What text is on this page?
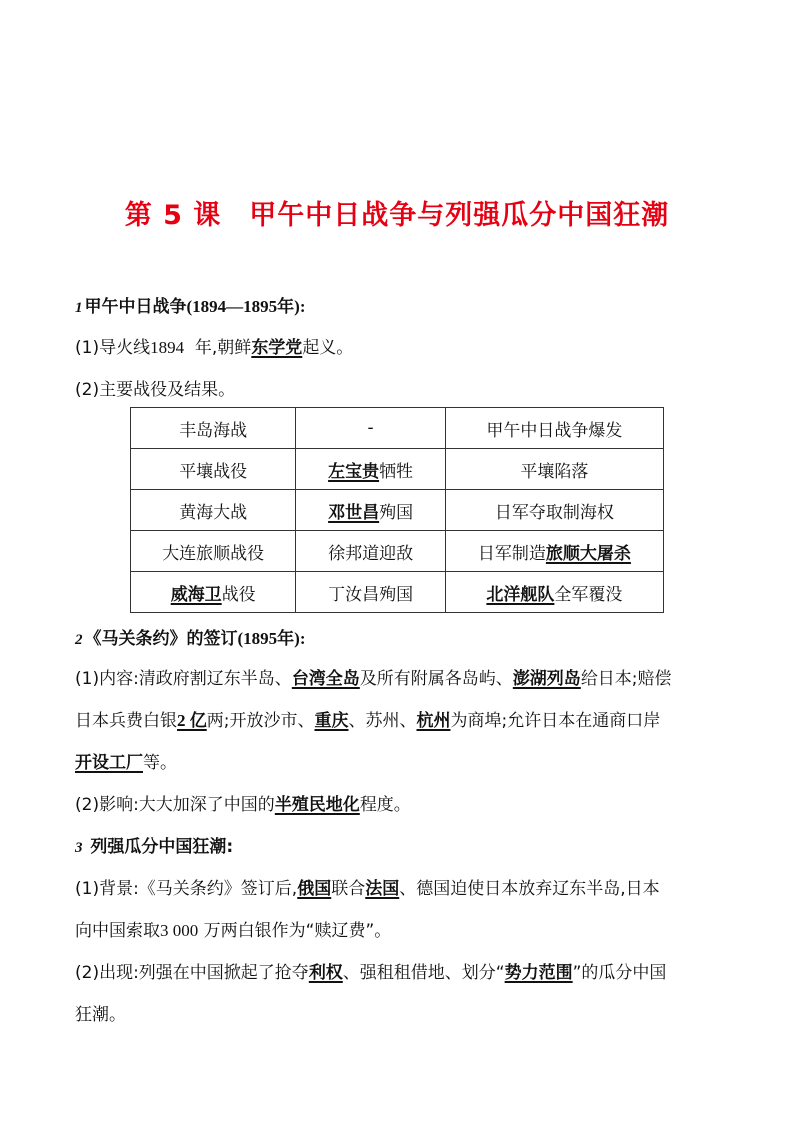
第 5 课　甲午中日战争与列强瓜分中国狂潮
1 甲午中日战争(1894—1895年):
(1)导火线1894 年,朝鲜东学党起义。
(2)主要战役及结果。
丰岛海战	-	甲午中日战争爆发
平壤战役	左宝贵牺牲	平壤陷落
黄海大战	邓世昌殉国	日军夺取制海权
大连旅顺战役	徐邦道迎敌	日军制造旅顺大屠杀
威海卫战役	丁汝昌殉国	北洋舰队全军覆没
2 《马关条约》的签订(1895年):
(1)内容:清政府割辽东半岛、台湾全岛及所有附属各岛屿、澎湖列岛给日本;赔偿
日本兵费白银2 亿两;开放沙市、重庆、苏州、杭州为商埠;允许日本在通商口岸
开设工厂等。
(2)影响:大大加深了中国的半殖民地化程度。
3 列强瓜分中国狂潮:
(1)背景:《马关条约》签订后,俄国联合法国、德国迫使日本放弃辽东半岛,日本
向中国索取3 000 万两白银作为“赎辽费”。
(2)出现:列强在中国掀起了抢夺利权、强租租借地、划分“势力范围”的瓜分中国
狂潮。
